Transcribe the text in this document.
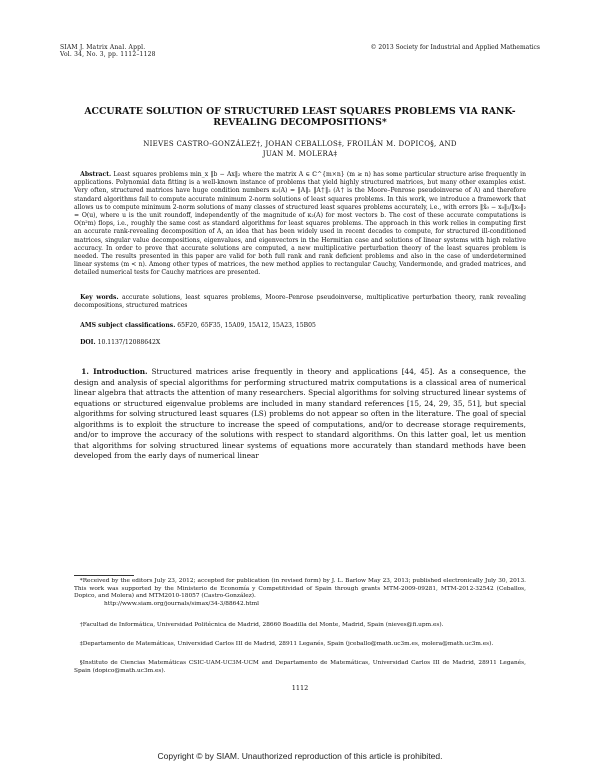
SIAM J. Matrix Anal. Appl.
Vol. 34, No. 3, pp. 1112–1128
© 2013 Society for Industrial and Applied Mathematics
ACCURATE SOLUTION OF STRUCTURED LEAST SQUARES PROBLEMS VIA RANK-REVEALING DECOMPOSITIONS*
NIEVES CASTRO-GONZÁLEZ†, JOHAN CEBALLOS‡, FROILÁN M. DOPICO§, AND
JUAN M. MOLERA‡

 Abstract. Least squares problems min_x ‖b − Ax‖₂ where the matrix A ∈ ℂ^{m×n} (m ≥ n) has some particular structure arise frequently in applications. Polynomial data fitting is a well-known instance of problems that yield highly structured matrices, but many other examples exist. Very often, structured matrices have huge condition numbers κ₂(A) = ‖A‖₂ ‖A†‖₂ (A† is the Moore–Penrose pseudoinverse of A) and therefore standard algorithms fail to compute accurate minimum 2-norm solutions of least squares problems. In this work, we introduce a framework that allows us to compute minimum 2-norm solutions of many classes of structured least squares problems accurately, i.e., with errors ‖x̂₀ − x₀‖₂/‖x₀‖₂ = O(u), where u is the unit roundoff, independently of the magnitude of κ₂(A) for most vectors b. The cost of these accurate computations is O(n²m) flops, i.e., roughly the same cost as standard algorithms for least squares problems. The approach in this work relies in computing first an accurate rank-revealing decomposition of A, an idea that has been widely used in recent decades to compute, for structured ill-conditioned matrices, singular value decompositions, eigenvalues, and eigenvectors in the Hermitian case and solutions of linear systems with high relative accuracy. In order to prove that accurate solutions are computed, a new multiplicative perturbation theory of the least squares problem is needed. The results presented in this paper are valid for both full rank and rank deficient problems and also in the case of underdetermined linear systems (m < n). Among other types of matrices, the new method applies to rectangular Cauchy, Vandermonde, and graded matrices, and detailed numerical tests for Cauchy matrices are presented.

 Key words. accurate solutions, least squares problems, Moore–Penrose pseudoinverse, multiplicative perturbation theory, rank revealing decompositions, structured matrices

 AMS subject classifications. 65F20, 65F35, 15A09, 15A12, 15A23, 15B05

 DOI. 10.1137/12088642X

 1. Introduction. Structured matrices arise frequently in theory and applications [44, 45]. As a consequence, the design and analysis of special algorithms for performing structured matrix computations is a classical area of numerical linear algebra that attracts the attention of many researchers. Special algorithms for solving structured linear systems of equations or structured eigenvalue problems are included in many standard references [15, 24, 29, 35, 51], but special algorithms for solving structured least squares (LS) problems do not appear so often in the literature. The goal of special algorithms is to exploit the structure to increase the speed of computations, and/or to decrease storage requirements, and/or to improve the accuracy of the solutions with respect to standard algorithms. On this latter goal, let us mention that algorithms for solving structured linear systems of equations more accurately than standard methods have been developed from the early days of numerical linear

 *Received by the editors July 23, 2012; accepted for publication (in revised form) by J. L. Barlow May 23, 2013; published electronically July 30, 2013. This work was supported by the Ministerio de Economía y Competitividad of Spain through grants MTM-2009-09281, MTM-2012-32542 (Ceballos, Dopico, and Molera) and MTM2010-18057 (Castro-González).

http://www.siam.org/journals/simax/34-3/88642.html

 †Facultad de Informática, Universidad Politécnica de Madrid, 28660 Boadilla del Monte, Madrid, Spain (nieves@fi.upm.es).

 ‡Departamento de Matemáticas, Universidad Carlos III de Madrid, 28911 Leganés, Spain (jceballo@math.uc3m.es, molera@math.uc3m.es).

 §Instituto de Ciencias Matemáticas CSIC-UAM-UC3M-UCM and Departamento de Matemáticas, Universidad Carlos III de Madrid, 28911 Leganés, Spain (dopico@math.uc3m.es).

1112
Copyright © by SIAM. Unauthorized reproduction of this article is prohibited.
